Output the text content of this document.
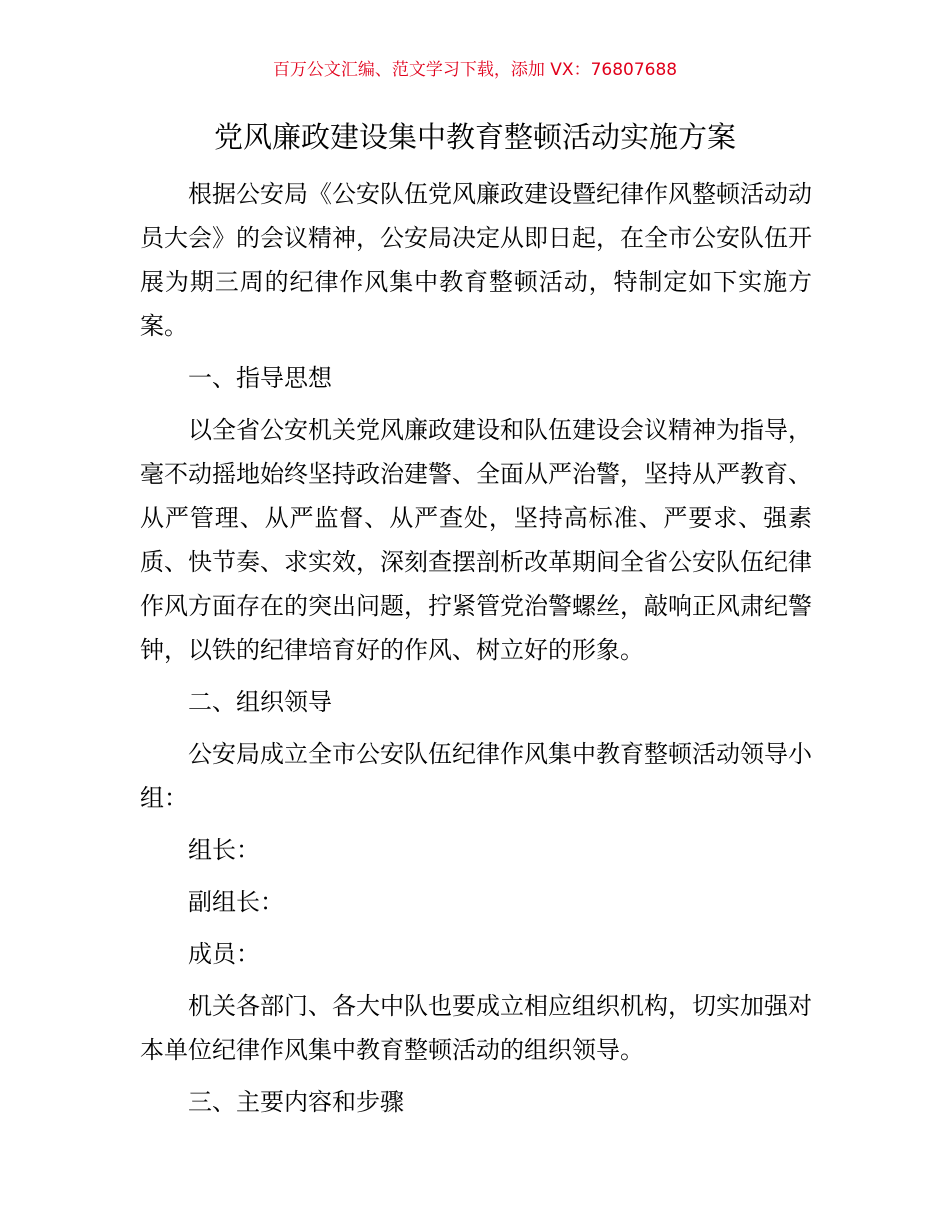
百万公文汇编、范文学习下载，添加 VX：76807688
党风廉政建设集中教育整顿活动实施方案

根据公安局《公安队伍党风廉政建设暨纪律作风整顿活动动员大会》的会议精神，公安局决定从即日起，在全市公安队伍开展为期三周的纪律作风集中教育整顿活动，特制定如下实施方案。

一、指导思想

以全省公安机关党风廉政建设和队伍建设会议精神为指导，毫不动摇地始终坚持政治建警、全面从严治警，坚持从严教育、从严管理、从严监督、从严查处，坚持高标准、严要求、强素质、快节奏、求实效，深刻查摆剖析改革期间全省公安队伍纪律作风方面存在的突出问题，拧紧管党治警螺丝，敲响正风肃纪警钟，以铁的纪律培育好的作风、树立好的形象。

二、组织领导

公安局成立全市公安队伍纪律作风集中教育整顿活动领导小组：

组长：

副组长：

成员：

机关各部门、各大中队也要成立相应组织机构，切实加强对本单位纪律作风集中教育整顿活动的组织领导。

三、主要内容和步骤
